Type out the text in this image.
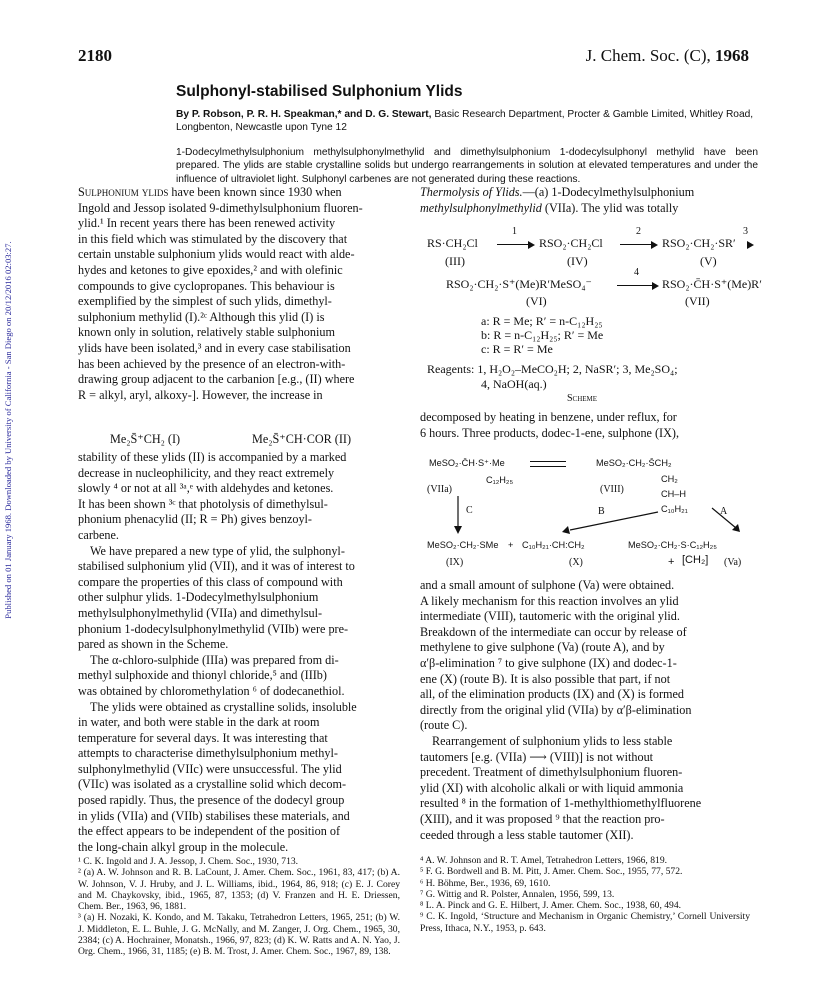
Published on 01 January 1968. Downloaded by University of California - San Diego on 20/12/2016 02:03:27.
2180	J. Chem. Soc. (C), 1968
Sulphonyl-stabilised Sulphonium Ylids
By P. Robson, P. R. H. Speakman,* and D. G. Stewart, Basic Research Department, Procter & Gamble Limited, Whitley Road, Longbenton, Newcastle upon Tyne 12
1-Dodecylmethylsulphonium methylsulphonylmethylid and dimethylsulphonium 1-dodecylsulphonyl methylid have been prepared. The ylids are stable crystalline solids but undergo rearrangements in solution at elevated temperatures and under the influence of ultraviolet light. Sulphonyl carbenes are not generated during these reactions.
Sulphonium ylids have been known since 1930 when
Ingold and Jessop isolated 9-dimethylsulphonium fluoren-
ylid.¹ In recent years there has been renewed activity
in this field which was stimulated by the discovery that
certain unstable sulphonium ylids would react with alde-
hydes and ketones to give epoxides,² and with olefinic
compounds to give cyclopropanes. This behaviour is
exemplified by the simplest of such ylids, dimethyl-
sulphonium methylid (I).²ᶜ Although this ylid (I) is
known only in solution, relatively stable sulphonium
ylids have been isolated,³ and in every case stabilisation
has been achieved by the presence of an electron-with-
drawing group adjacent to the carbanion [e.g., (II) where
R = alkyl, aryl, alkoxy-]. However, the increase in
Me₂S̄⁺CH₂ (I)	Me₂S̄⁺CH·COR (II)
stability of these ylids (II) is accompanied by a marked
decrease in nucleophilicity, and they react extremely
slowly ⁴ or not at all ³ᵃ,ᵉ with aldehydes and ketones.
It has been shown ³ᶜ that photolysis of dimethylsul-
phonium phenacylid (II; R = Ph) gives benzoyl-
carbene.
We have prepared a new type of ylid, the sulphonyl-
stabilised sulphonium ylid (VII), and it was of interest to
compare the properties of this class of compound with
other sulphur ylids. 1-Dodecylmethylsulphonium
methylsulphonylmethylid (VIIa) and dimethylsul-
phonium 1-dodecylsulphonylmethylid (VIIb) were pre-
pared as shown in the Scheme.
The α-chloro-sulphide (IIIa) was prepared from di-
methyl sulphoxide and thionyl chloride,⁵ and (IIIb)
was obtained by chloromethylation ⁶ of dodecanethiol.
The ylids were obtained as crystalline solids, insoluble
in water, and both were stable in the dark at room
temperature for several days. It was interesting that
attempts to characterise dimethylsulphonium methyl-
sulphonylmethylid (VIIc) were unsuccessful. The ylid
(VIIc) was isolated as a crystalline solid which decom-
posed rapidly. Thus, the presence of the dodecyl group
in ylids (VIIa) and (VIIb) stabilises these materials, and
the effect appears to be independent of the position of
the long-chain alkyl group in the molecule.
¹ C. K. Ingold and J. A. Jessop, J. Chem. Soc., 1930, 713.
² (a) A. W. Johnson and R. B. LaCount, J. Amer. Chem. Soc., 1961, 83, 417; (b) A. W. Johnson, V. J. Hruby, and J. L. Williams, ibid., 1964, 86, 918; (c) E. J. Corey and M. Chaykovsky, ibid., 1965, 87, 1353; (d) V. Franzen and H. E. Driessen, Chem. Ber., 1963, 96, 1881.
³ (a) H. Nozaki, K. Kondo, and M. Takaku, Tetrahedron Letters, 1965, 251; (b) W. J. Middleton, E. L. Buhle, J. G. McNally, and M. Zanger, J. Org. Chem., 1965, 30, 2384; (c) A. Hochrainer, Monatsh., 1966, 97, 823; (d) K. W. Ratts and A. N. Yao, J. Org. Chem., 1966, 31, 1185; (e) B. M. Trost, J. Amer. Chem. Soc., 1967, 89, 138.
Thermolysis of Ylids.—(a) 1-Dodecylmethylsulphonium
methylsulphonylmethylid (VIIa). The ylid was totally
RS·CH₂Cl
1
RSO₂·CH₂Cl
2
RSO₂·CH₂·SR′
3
(III)	(IV)	(V)
RSO₂·CH₂·S⁺(Me)R′MeSO₄⁻
4
RSO₂·C̄H·S⁺(Me)R′
(VI)	(VII)
a: R = Me; R′ = n-C₁₂H₂₅
b: R = n-C₁₂H₂₅; R′ = Me
c: R = R′ = Me
Reagents: 1, H₂O₂–MeCO₂H; 2, NaSR′; 3, Me₂SO₄;
4, NaOH(aq.)
Scheme
decomposed by heating in benzene, under reflux, for
6 hours. Three products, dodec-1-ene, sulphone (IX),
MeSO₂·C̄H·S⁺·Me
C₁₂H₂₅
(VIIa)
MeSO₂·CH₂·S̄CH₂
CH₂
CH–H
C₁₀H₂₁
(VIII)
C	B	A
MeSO₂·CH₂·SMe + C₁₀H₂₁·CH:CH₂	MeSO₂·CH₂·S·C₁₂H₂₅
+ [CH₂]
(IX)	(X)	(Va)
and a small amount of sulphone (Va) were obtained.
A likely mechanism for this reaction involves an ylid
intermediate (VIII), tautomeric with the original ylid.
Breakdown of the intermediate can occur by release of
methylene to give sulphone (Va) (route A), and by
α′β-elimination ⁷ to give sulphone (IX) and dodec-1-
ene (X) (route B). It is also possible that part, if not
all, of the elimination products (IX) and (X) is formed
directly from the original ylid (VIIa) by α′β-elimination
(route C).
Rearrangement of sulphonium ylids to less stable
tautomers [e.g. (VIIa) ⟶ (VIII)] is not without
precedent. Treatment of dimethylsulphonium fluoren-
ylid (XI) with alcoholic alkali or with liquid ammonia
resulted ⁸ in the formation of 1-methylthiomethylfluorene
(XIII), and it was proposed ⁹ that the reaction pro-
ceeded through a less stable tautomer (XII).
⁴ A. W. Johnson and R. T. Amel, Tetrahedron Letters, 1966, 819.
⁵ F. G. Bordwell and B. M. Pitt, J. Amer. Chem. Soc., 1955, 77, 572.
⁶ H. Böhme, Ber., 1936, 69, 1610.
⁷ G. Wittig and R. Polster, Annalen, 1956, 599, 13.
⁸ L. A. Pinck and G. E. Hilbert, J. Amer. Chem. Soc., 1938, 60, 494.
⁹ C. K. Ingold, ‘Structure and Mechanism in Organic Chemistry,’ Cornell University Press, Ithaca, N.Y., 1953, p. 643.
